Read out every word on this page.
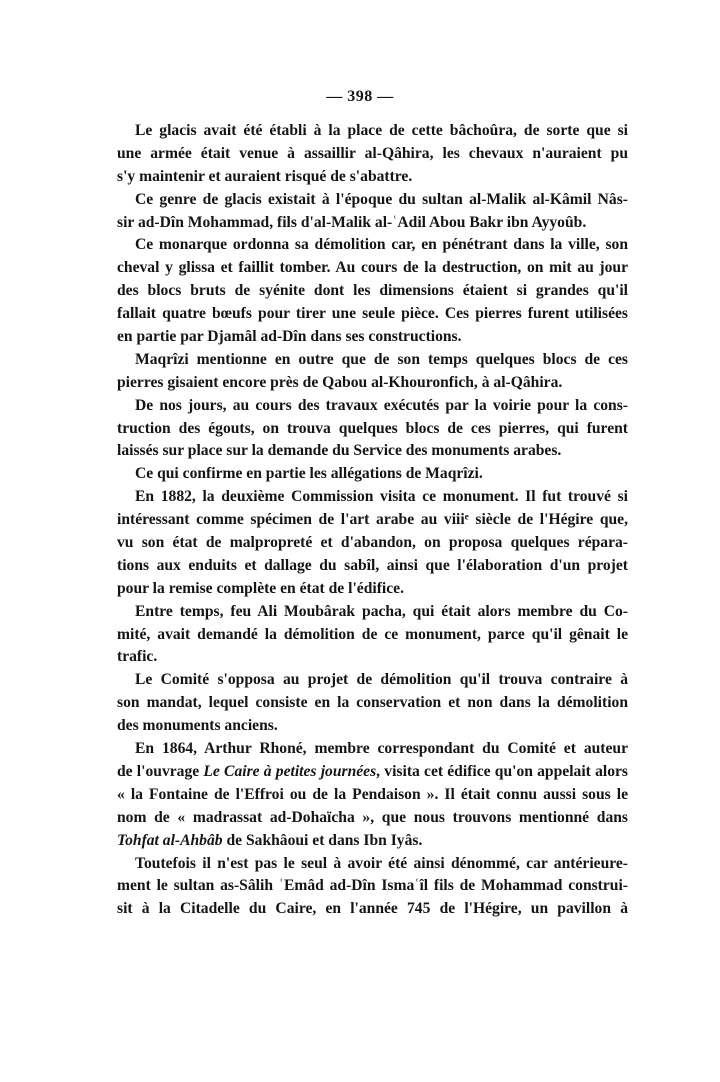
— 398 —
Le glacis avait été établi à la place de cette bâchoûra, de sorte que si
une armée était venue à assaillir al-Qâhira, les chevaux n'auraient pu
s'y maintenir et auraient risqué de s'abattre.
Ce genre de glacis existait à l'époque du sultan al-Malik al-Kâmil Nâs-
sir ad-Dîn Mohammad, fils d'al-Malik al-ʿAdil Abou Bakr ibn Ayyoûb.
Ce monarque ordonna sa démolition car, en pénétrant dans la ville, son
cheval y glissa et faillit tomber. Au cours de la destruction, on mit au jour
des blocs bruts de syénite dont les dimensions étaient si grandes qu'il
fallait quatre bœufs pour tirer une seule pièce. Ces pierres furent utilisées
en partie par Djamâl ad-Dîn dans ses constructions.
Maqrîzi mentionne en outre que de son temps quelques blocs de ces
pierres gisaient encore près de Qabou al-Khouronfich, à al-Qâhira.
De nos jours, au cours des travaux exécutés par la voirie pour la cons-
truction des égouts, on trouva quelques blocs de ces pierres, qui furent
laissés sur place sur la demande du Service des monuments arabes.
Ce qui confirme en partie les allégations de Maqrîzi.
En 1882, la deuxième Commission visita ce monument. Il fut trouvé si
intéressant comme spécimen de l'art arabe au viiiᵉ siècle de l'Hégire que,
vu son état de malpropreté et d'abandon, on proposa quelques répara-
tions aux enduits et dallage du sabîl, ainsi que l'élaboration d'un projet
pour la remise complète en état de l'édifice.
Entre temps, feu Ali Moubârak pacha, qui était alors membre du Co-
mité, avait demandé la démolition de ce monument, parce qu'il gênait le
trafic.
Le Comité s'opposa au projet de démolition qu'il trouva contraire à
son mandat, lequel consiste en la conservation et non dans la démolition
des monuments anciens.
En 1864, Arthur Rhoné, membre correspondant du Comité et auteur
de l'ouvrage Le Caire à petites journées, visita cet édifice qu'on appelait alors
« la Fontaine de l'Effroi ou de la Pendaison ». Il était connu aussi sous le
nom de « madrassat ad-Dohaïcha », que nous trouvons mentionné dans
Tohfat al-Ahbâb de Sakhâoui et dans Ibn Iyâs.
Toutefois il n'est pas le seul à avoir été ainsi dénommé, car antérieure-
ment le sultan as-Sâlih ʿEmâd ad-Dîn Ismaʿîl fils de Mohammad construi-
sit à la Citadelle du Caire, en l'année 745 de l'Hégire, un pavillon à
